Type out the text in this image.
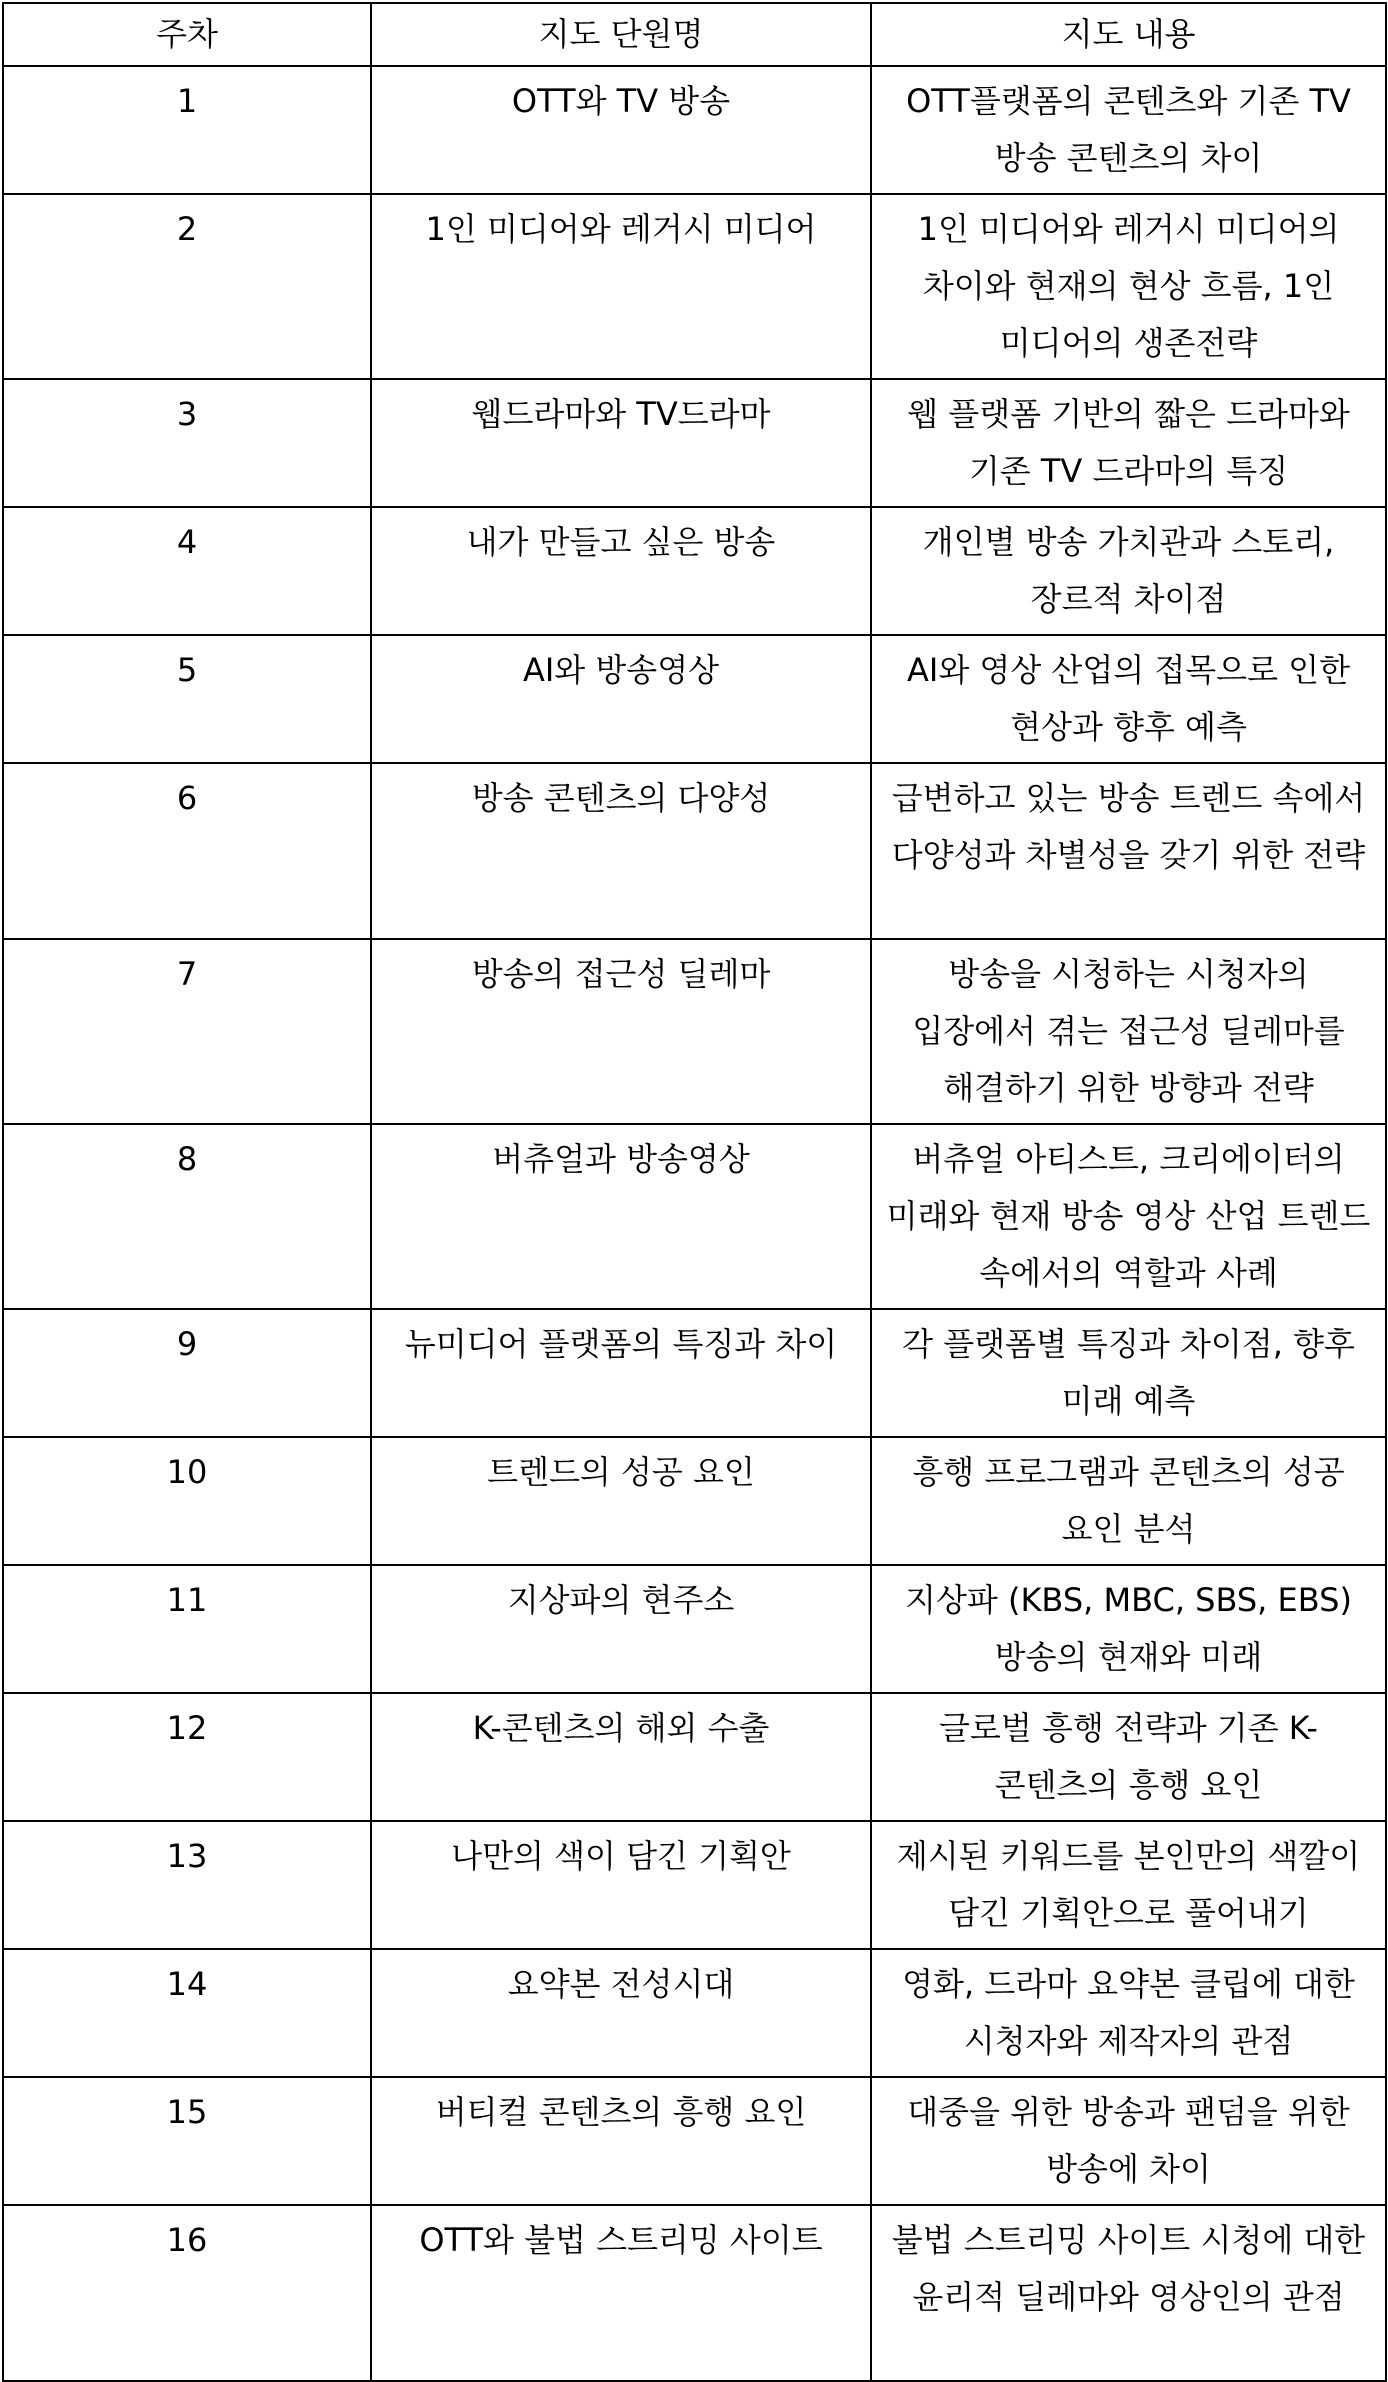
주차	지도 단원명	지도 내용
1	OTT와 TV 방송	OTT플랫폼의 콘텐츠와 기존 TV 방송 콘텐츠의 차이
2	1인 미디어와 레거시 미디어	1인 미디어와 레거시 미디어의 차이와 현재의 현상 흐름, 1인 미디어의 생존전략
3	웹드라마와 TV드라마	웹 플랫폼 기반의 짧은 드라마와 기존 TV 드라마의 특징
4	내가 만들고 싶은 방송	개인별 방송 가치관과 스토리, 장르적 차이점
5	AI와 방송영상	AI와 영상 산업의 접목으로 인한 현상과 향후 예측
6	방송 콘텐츠의 다양성	급변하고 있는 방송 트렌드 속에서 다양성과 차별성을 갖기 위한 전략
7	방송의 접근성 딜레마	방송을 시청하는 시청자의 입장에서 겪는 접근성 딜레마를 해결하기 위한 방향과 전략
8	버츄얼과 방송영상	버츄얼 아티스트, 크리에이터의 미래와 현재 방송 영상 산업 트렌드 속에서의 역할과 사례
9	뉴미디어 플랫폼의 특징과 차이	각 플랫폼별 특징과 차이점, 향후 미래 예측
10	트렌드의 성공 요인	흥행 프로그램과 콘텐츠의 성공 요인 분석
11	지상파의 현주소	지상파 (KBS, MBC, SBS, EBS) 방송의 현재와 미래
12	K-콘텐츠의 해외 수출	글로벌 흥행 전략과 기존 K-콘텐츠의 흥행 요인
13	나만의 색이 담긴 기획안	제시된 키워드를 본인만의 색깔이 담긴 기획안으로 풀어내기
14	요약본 전성시대	영화, 드라마 요약본 클립에 대한 시청자와 제작자의 관점
15	버티컬 콘텐츠의 흥행 요인	대중을 위한 방송과 팬덤을 위한 방송에 차이
16	OTT와 불법 스트리밍 사이트	불법 스트리밍 사이트 시청에 대한 윤리적 딜레마와 영상인의 관점
